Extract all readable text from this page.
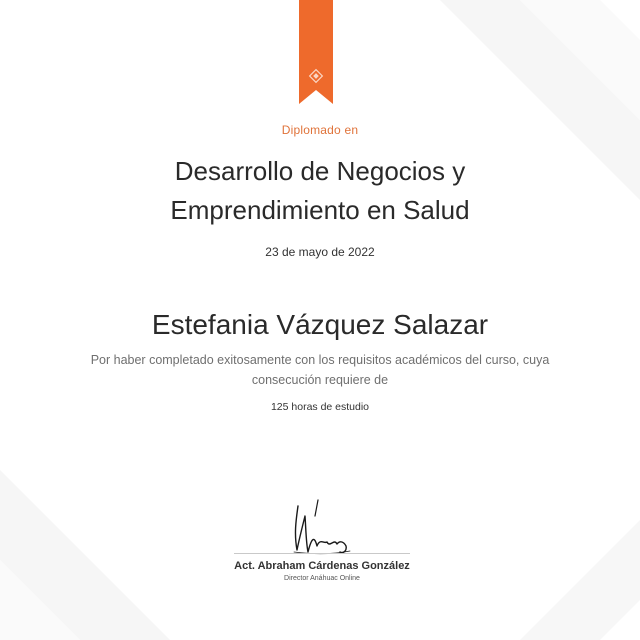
Diplomado en
Desarrollo de Negocios y
Emprendimiento en Salud
23 de mayo de 2022
Estefania Vázquez Salazar
Por haber completado exitosamente con los requisitos académicos del curso, cuya
consecución requiere de
125 horas de estudio
Act. Abraham Cárdenas González
Director Anáhuac Online
